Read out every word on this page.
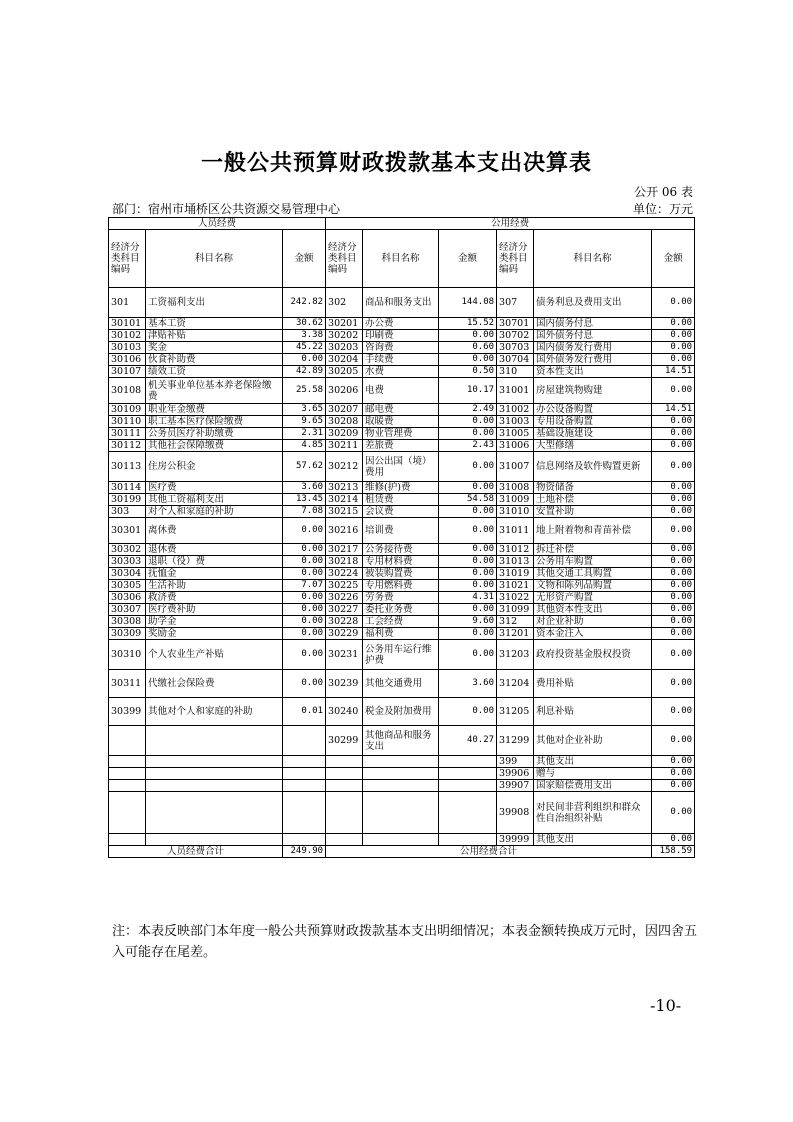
一般公共预算财政拨款基本支出决算表
公开 06 表
部门：宿州市埇桥区公共资源交易管理中心	单位：万元
人员经费			公用经费					
经济分类科目编码	科目名称	金额	经济分类科目编码	科目名称	金额	经济分类科目编码	科目名称	金额
301	工资福利支出	242.82	302	商品和服务支出	144.08	307	债务利息及费用支出	0.00
30101	基本工资	30.62	30201	办公费	15.52	30701	国内债务付息	0.00
30102	津贴补贴	3.38	30202	印刷费	0.00	30702	国外债务付息	0.00
30103	奖金	45.22	30203	咨询费	0.60	30703	国内债务发行费用	0.00
30106	伙食补助费	0.00	30204	手续费	0.00	30704	国外债务发行费用	0.00
30107	绩效工资	42.89	30205	水费	0.50	310	资本性支出	14.51
30108	机关事业单位基本养老保险缴费	25.58	30206	电费	10.17	31001	房屋建筑物购建	0.00
30109	职业年金缴费	3.65	30207	邮电费	2.49	31002	办公设备购置	14.51
30110	职工基本医疗保险缴费	9.65	30208	取暖费	0.00	31003	专用设备购置	0.00
30111	公务员医疗补助缴费	2.31	30209	物业管理费	0.00	31005	基础设施建设	0.00
30112	其他社会保障缴费	4.85	30211	差旅费	2.43	31006	大型修缮	0.00
30113	住房公积金	57.62	30212	因公出国（境）费用	0.00	31007	信息网络及软件购置更新	0.00
30114	医疗费	3.60	30213	维修(护)费	0.00	31008	物资储备	0.00
30199	其他工资福利支出	13.45	30214	租赁费	54.58	31009	土地补偿	0.00
303	对个人和家庭的补助	7.08	30215	会议费	0.00	31010	安置补助	0.00
30301	离休费	0.00	30216	培训费	0.00	31011	地上附着物和青苗补偿	0.00
30302	退休费	0.00	30217	公务接待费	0.00	31012	拆迁补偿	0.00
30303	退职（役）费	0.00	30218	专用材料费	0.00	31013	公务用车购置	0.00
30304	抚恤金	0.00	30224	被装购置费	0.00	31019	其他交通工具购置	0.00
30305	生活补助	7.07	30225	专用燃料费	0.00	31021	文物和陈列品购置	0.00
30306	救济费	0.00	30226	劳务费	4.31	31022	无形资产购置	0.00
30307	医疗费补助	0.00	30227	委托业务费	0.00	31099	其他资本性支出	0.00
30308	助学金	0.00	30228	工会经费	9.60	312	对企业补助	0.00
30309	奖励金	0.00	30229	福利费	0.00	31201	资本金注入	0.00
30310	个人农业生产补贴	0.00	30231	公务用车运行维护费	0.00	31203	政府投资基金股权投资	0.00
30311	代缴社会保险费	0.00	30239	其他交通费用	3.60	31204	费用补贴	0.00
30399	其他对个人和家庭的补助	0.01	30240	税金及附加费用	0.00	31205	利息补贴	0.00
			30299	其他商品和服务支出	40.27	31299	其他对企业补助	0.00
						399	其他支出	0.00
						39906	赠与	0.00
						39907	国家赔偿费用支出	0.00
						39908	对民间非营利组织和群众性自治组织补贴	0.00
						39999	其他支出	0.00
人员经费合计		249.90	公用经费合计					158.59
注：本表反映部门本年度一般公共预算财政拨款基本支出明细情况；本表金额转换成万元时，因四舍五入可能存在尾差。
-10-
